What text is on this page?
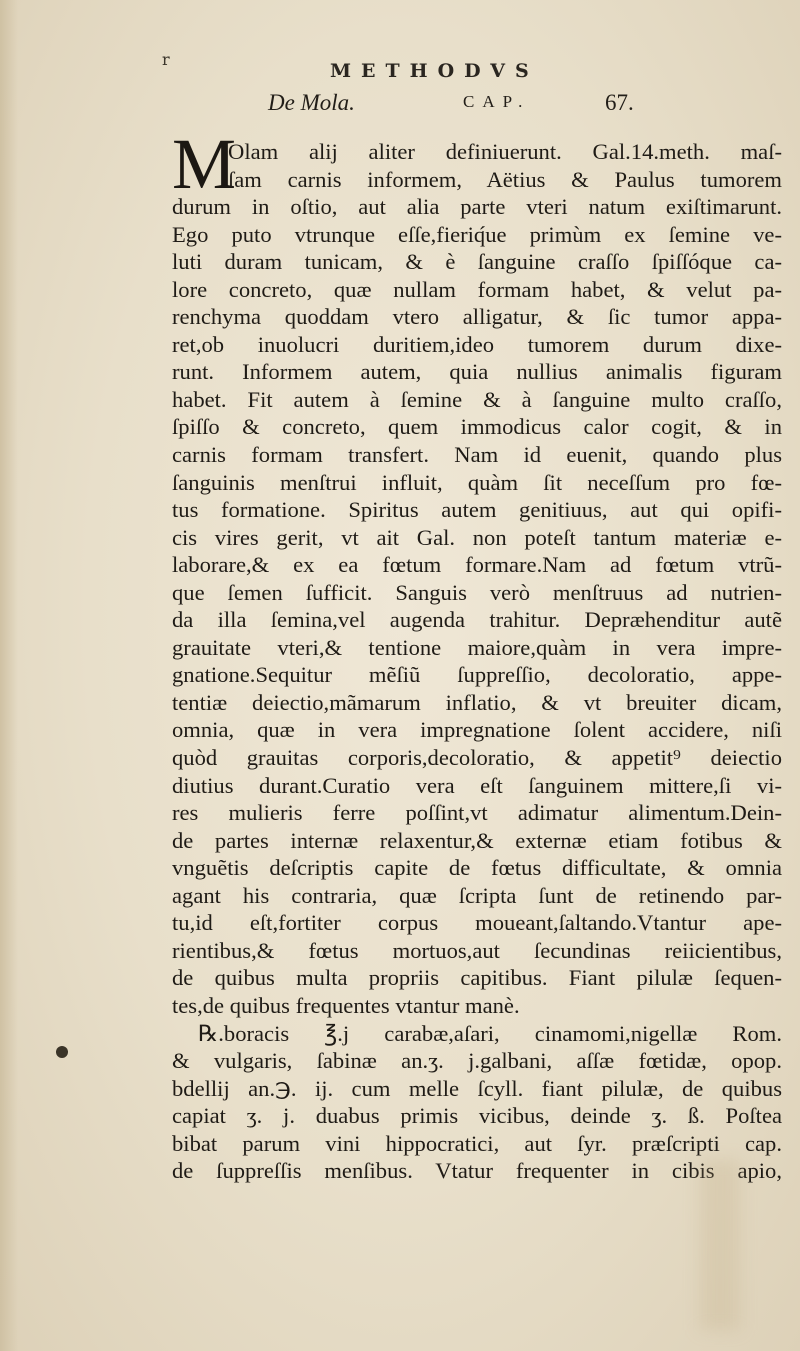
r
METHODVS
De Mola.	CAP.	67.
M
Olam alij aliter definiuerunt. Gal.14.meth. maſ-
ſam carnis informem, Aëtius & Paulus tumorem
durum in oſtio, aut alia parte vteri natum exiſtimarunt.
Ego puto vtrunque eſſe,fieriq́ue primùm ex ſemine ve-
luti duram tunicam, & è ſanguine craſſo ſpiſſóque ca-
lore concreto, quæ nullam formam habet, & velut pa-
renchyma quoddam vtero alligatur, & ſic tumor appa-
ret,ob inuolucri duritiem,ideo tumorem durum dixe-
runt. Informem autem, quia nullius animalis figuram
habet. Fit autem à ſemine & à ſanguine multo craſſo,
ſpiſſo & concreto, quem immodicus calor cogit, & in
carnis formam transfert. Nam id euenit, quando plus
ſanguinis menſtrui influit, quàm ſit neceſſum pro fœ-
tus formatione. Spiritus autem genitiuus, aut qui opifi-
cis vires gerit, vt ait Gal. non poteſt tantum materiæ e-
laborare,& ex ea fœtum formare.Nam ad fœtum vtrũ-
que ſemen ſufficit. Sanguis verò menſtruus ad nutrien-
da illa ſemina,vel augenda trahitur. Depræhenditur autẽ
grauitate vteri,& tentione maiore,quàm in vera impre-
gnatione.Sequitur mẽſiũ ſuppreſſio, decoloratio, appe-
tentiæ deiectio,mãmarum inflatio, & vt breuiter dicam,
omnia, quæ in vera impregnatione ſolent accidere, niſi
quòd grauitas corporis,decoloratio, & appetit⁹ deiectio
diutius durant.Curatio vera eſt ſanguinem mittere,ſi vi-
res mulieris ferre poſſint,vt adimatur alimentum.Dein-
de partes internæ relaxentur,& externæ etiam fotibus &
vnguẽtis deſcriptis capite de fœtus difficultate, & omnia
agant his contraria, quæ ſcripta ſunt de retinendo par-
tu,id eſt,fortiter corpus moueant,ſaltando.Vtantur ape-
rientibus,& fœtus mortuos,aut ſecundinas reiicientibus,
de quibus multa propriis capitibus. Fiant pilulæ ſequen-
tes,de quibus frequentes vtantur manè.
℞.boracis ℥.j carabæ,aſari, cinamomi,nigellæ Rom.
& vulgaris, ſabinæ an.ʒ. j.galbani, aſſæ fœtidæ, opop.
bdellij an.℈. ij. cum melle ſcyll. fiant pilulæ, de quibus
capiat ʒ. j. duabus primis vicibus, deinde ʒ. ß. Poſtea
bibat parum vini hippocratici, aut ſyr. præſcripti cap.
de ſuppreſſis menſibus. Vtatur frequenter in cibis apio,
